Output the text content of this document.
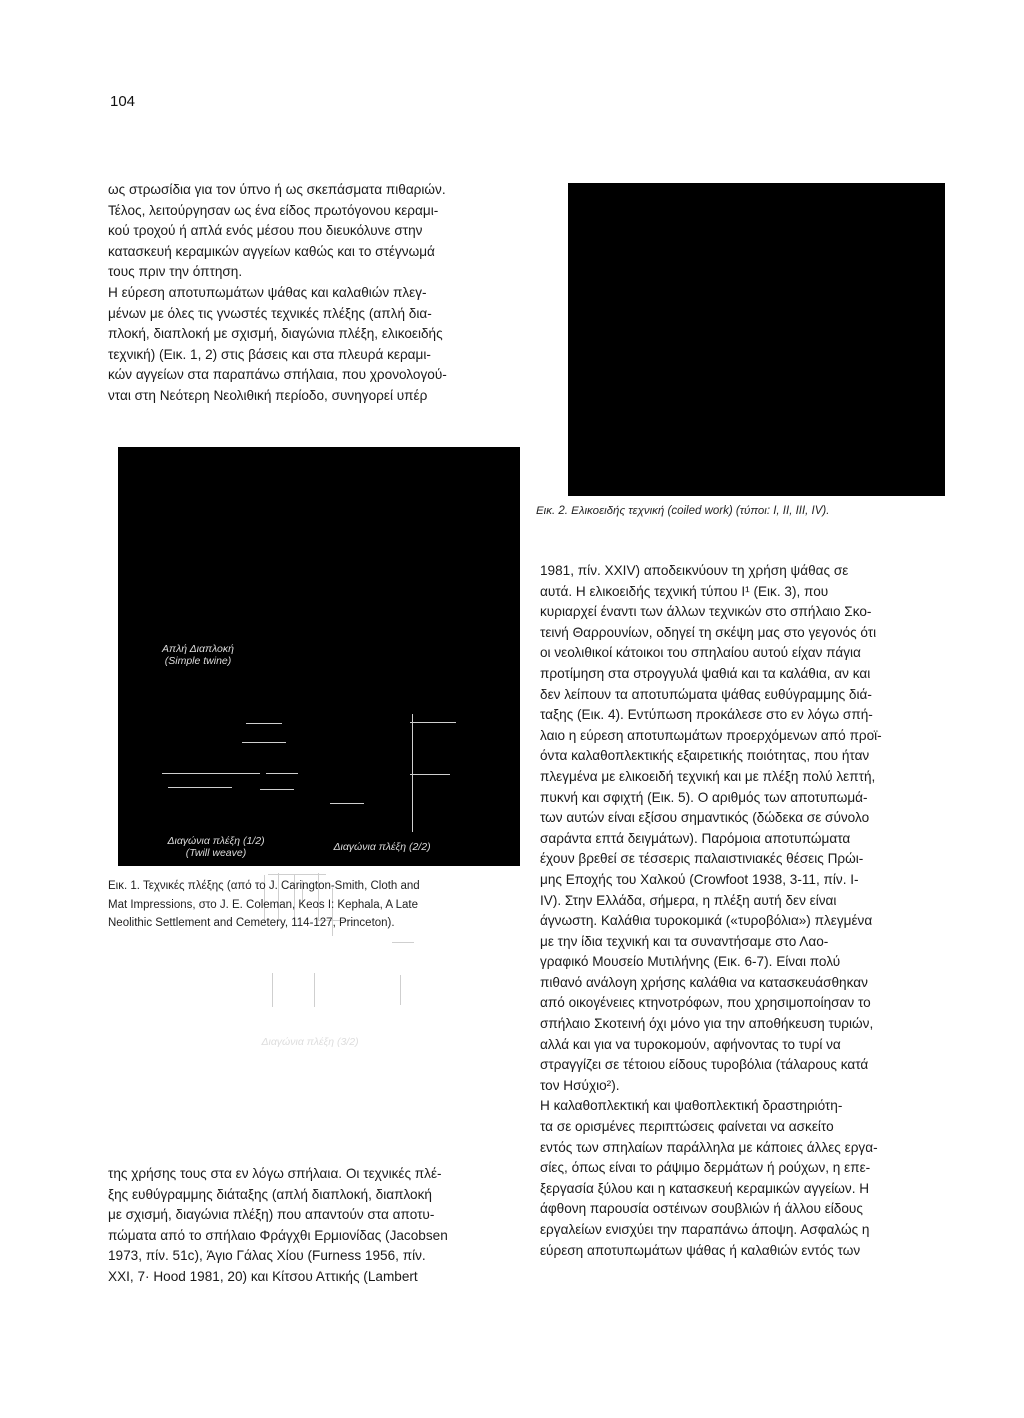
104
ως στρωσίδια για τον ύπνο ή ως σκεπάσματα πιθαριών.
Τέλος, λειτούργησαν ως ένα είδος πρωτόγονου κεραμι-
κού τροχού ή απλά ενός μέσου που διευκόλυνε στην
κατασκευή κεραμικών αγγείων καθώς και το στέγνωμά
τους πριν την όπτηση.
Η εύρεση αποτυπωμάτων ψάθας και καλαθιών πλεγ-
μένων με όλες τις γνωστές τεχνικές πλέξης (απλή δια-
πλοκή, διαπλοκή με σχισμή, διαγώνια πλέξη, ελικοειδής
τεχνική) (Εικ. 1, 2) στις βάσεις και στα πλευρά κεραμι-
κών αγγείων στα παραπάνω σπήλαια, που χρονολογού-
νται στη Νεότερη Νεολιθική περίοδο, συνηγορεί υπέρ
Εικ. 2. Ελικοειδής τεχνική (coiled work) (τύποι: I, II, III, IV).
Απλή Διαπλοκή
(Simple twine)
Διαγώνια πλέξη (1/2)
(Twill weave)	Διαγώνια πλέξη (2/2)
Διαγώνια πλέξη (3/2)
Εικ. 1. Τεχνικές πλέξης (από το J. Carington-Smith, Cloth and
Mat Impressions, στο J. E. Coleman, Keos I: Kephala, A Late
Neolithic Settlement and Cemetery, 114-127, Princeton).
1981, πίν. XXIV) αποδεικνύουν τη χρήση ψάθας σε
αυτά. Η ελικοειδής τεχνική τύπου I¹ (Εικ. 3), που
κυριαρχεί έναντι των άλλων τεχνικών στο σπήλαιο Σκο-
τεινή Θαρρουνίων, οδηγεί τη σκέψη μας στο γεγονός ότι
οι νεολιθικοί κάτοικοι του σπηλαίου αυτού είχαν πάγια
προτίμηση στα στρογγυλά ψαθιά και τα καλάθια, αν και
δεν λείπουν τα αποτυπώματα ψάθας ευθύγραμμης διά-
ταξης (Εικ. 4). Εντύπωση προκάλεσε στο εν λόγω σπή-
λαιο η εύρεση αποτυπωμάτων προερχόμενων από προϊ-
όντα καλαθοπλεκτικής εξαιρετικής ποιότητας, που ήταν
πλεγμένα με ελικοειδή τεχνική και με πλέξη πολύ λεπτή,
πυκνή και σφιχτή (Εικ. 5). Ο αριθμός των αποτυπωμά-
των αυτών είναι εξίσου σημαντικός (δώδεκα σε σύνολο
σαράντα επτά δειγμάτων). Παρόμοια αποτυπώματα
έχουν βρεθεί σε τέσσερις παλαιστινιακές θέσεις Πρώι-
μης Εποχής του Χαλκού (Crowfoot 1938, 3-11, πίν. I-
IV). Στην Ελλάδα, σήμερα, η πλέξη αυτή δεν είναι
άγνωστη. Καλάθια τυροκομικά («τυροβόλια») πλεγμένα
με την ίδια τεχνική και τα συναντήσαμε στο Λαο-
γραφικό Μουσείο Μυτιλήνης (Εικ. 6-7). Είναι πολύ
πιθανό ανάλογη χρήσης καλάθια να κατασκευάσθηκαν
από οικογένειες κτηνοτρόφων, που χρησιμοποίησαν το
σπήλαιο Σκοτεινή όχι μόνο για την αποθήκευση τυριών,
αλλά και για να τυροκομούν, αφήνοντας το τυρί να
στραγγίζει σε τέτοιου είδους τυροβόλια (τάλαρους κατά
τον Ησύχιο²).
Η καλαθοπλεκτική και ψαθοπλεκτική δραστηριότη-
τα σε ορισμένες περιπτώσεις φαίνεται να ασκείτο
εντός των σπηλαίων παράλληλα με κάποιες άλλες εργα-
σίες, όπως είναι το ράψιμο δερμάτων ή ρούχων, η επε-
ξεργασία ξύλου και η κατασκευή κεραμικών αγγείων. Η
άφθονη παρουσία οστέινων σουβλιών ή άλλου είδους
εργαλείων ενισχύει την παραπάνω άποψη. Ασφαλώς η
εύρεση αποτυπωμάτων ψάθας ή καλαθιών εντός των
της χρήσης τους στα εν λόγω σπήλαια. Οι τεχνικές πλέ-
ξης ευθύγραμμης διάταξης (απλή διαπλοκή, διαπλοκή
με σχισμή, διαγώνια πλέξη) που απαντούν στα αποτυ-
πώματα από το σπήλαιο Φράγχθι Ερμιονίδας (Jacobsen
1973, πίν. 51c), Άγιο Γάλας Χίου (Furness 1956, πίν.
XXI, 7· Hood 1981, 20) και Κίτσου Αττικής (Lambert
